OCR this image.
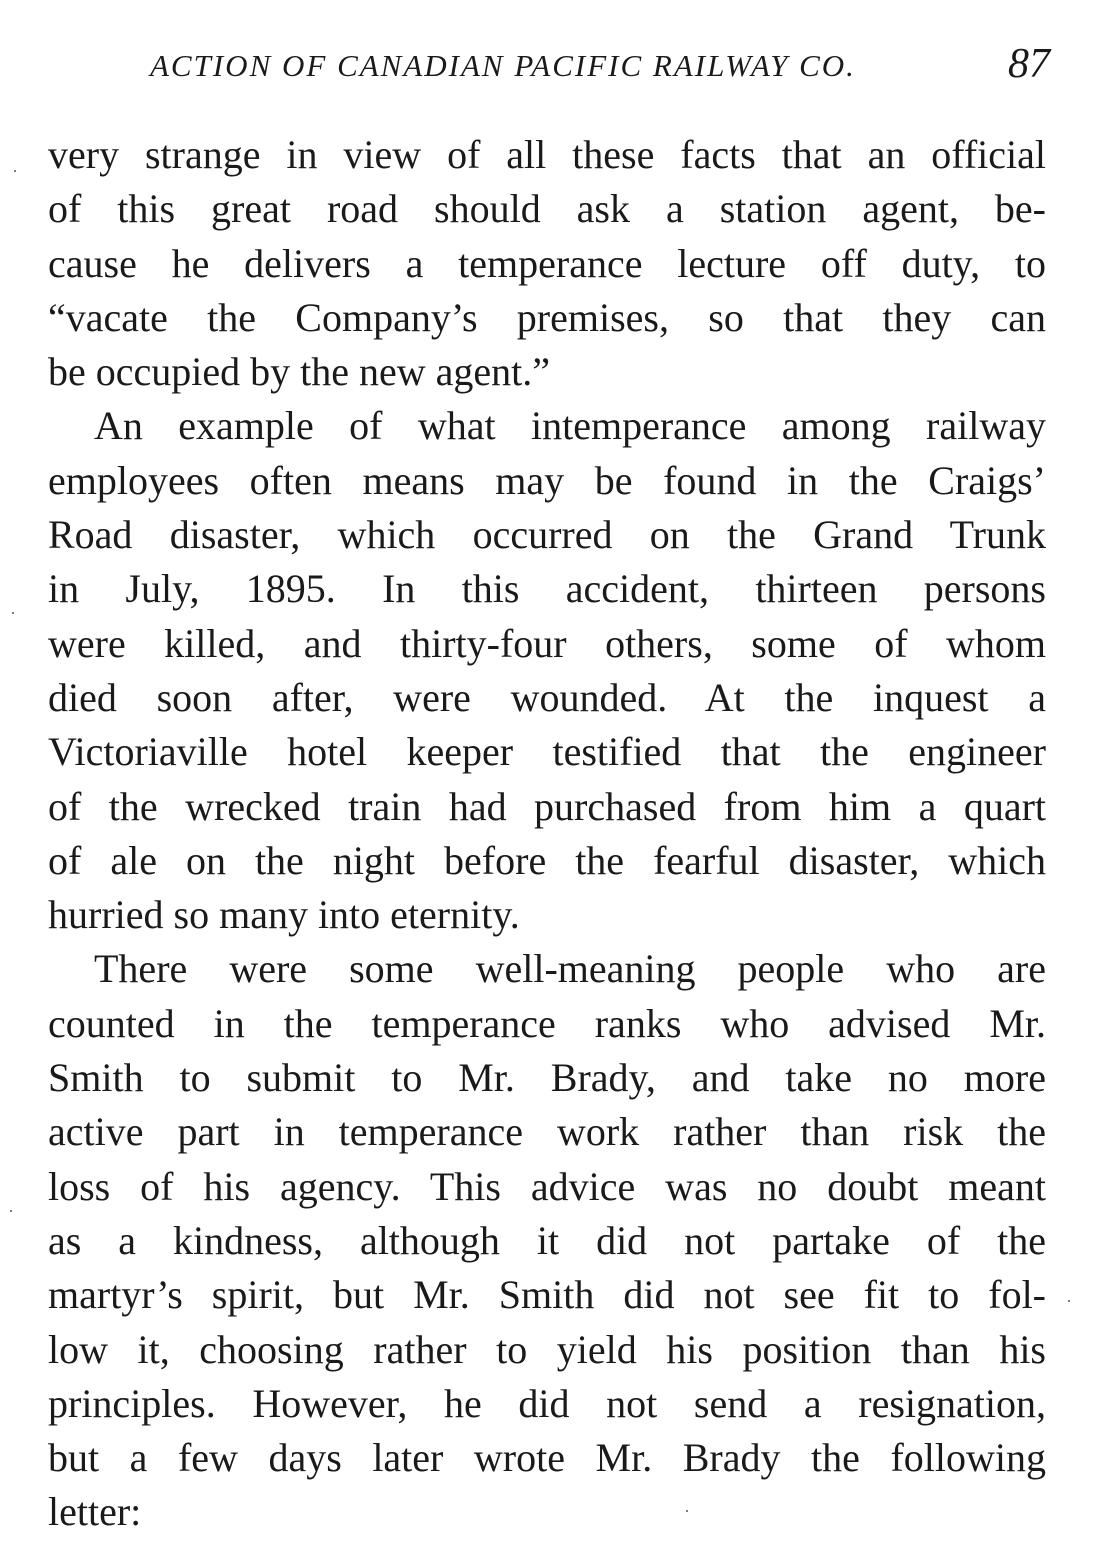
ACTION OF CANADIAN PACIFIC RAILWAY CO.	87
very strange in view of all these facts that an official
of this great road should ask a station agent, be-
cause he delivers a temperance lecture off duty, to
“vacate the Company’s premises, so that they can
be occupied by the new agent.”
An example of what intemperance among railway
employees often means may be found in the Craigs’
Road disaster, which occurred on the Grand Trunk
in July, 1895. In this accident, thirteen persons
were killed, and thirty-four others, some of whom
died soon after, were wounded. At the inquest a
Victoriaville hotel keeper testified that the engineer
of the wrecked train had purchased from him a quart
of ale on the night before the fearful disaster, which
hurried so many into eternity.
There were some well-meaning people who are
counted in the temperance ranks who advised Mr.
Smith to submit to Mr. Brady, and take no more
active part in temperance work rather than risk the
loss of his agency. This advice was no doubt meant
as a kindness, although it did not partake of the
martyr’s spirit, but Mr. Smith did not see fit to fol-
low it, choosing rather to yield his position than his
principles. However, he did not send a resignation,
but a few days later wrote Mr. Brady the following
letter:
